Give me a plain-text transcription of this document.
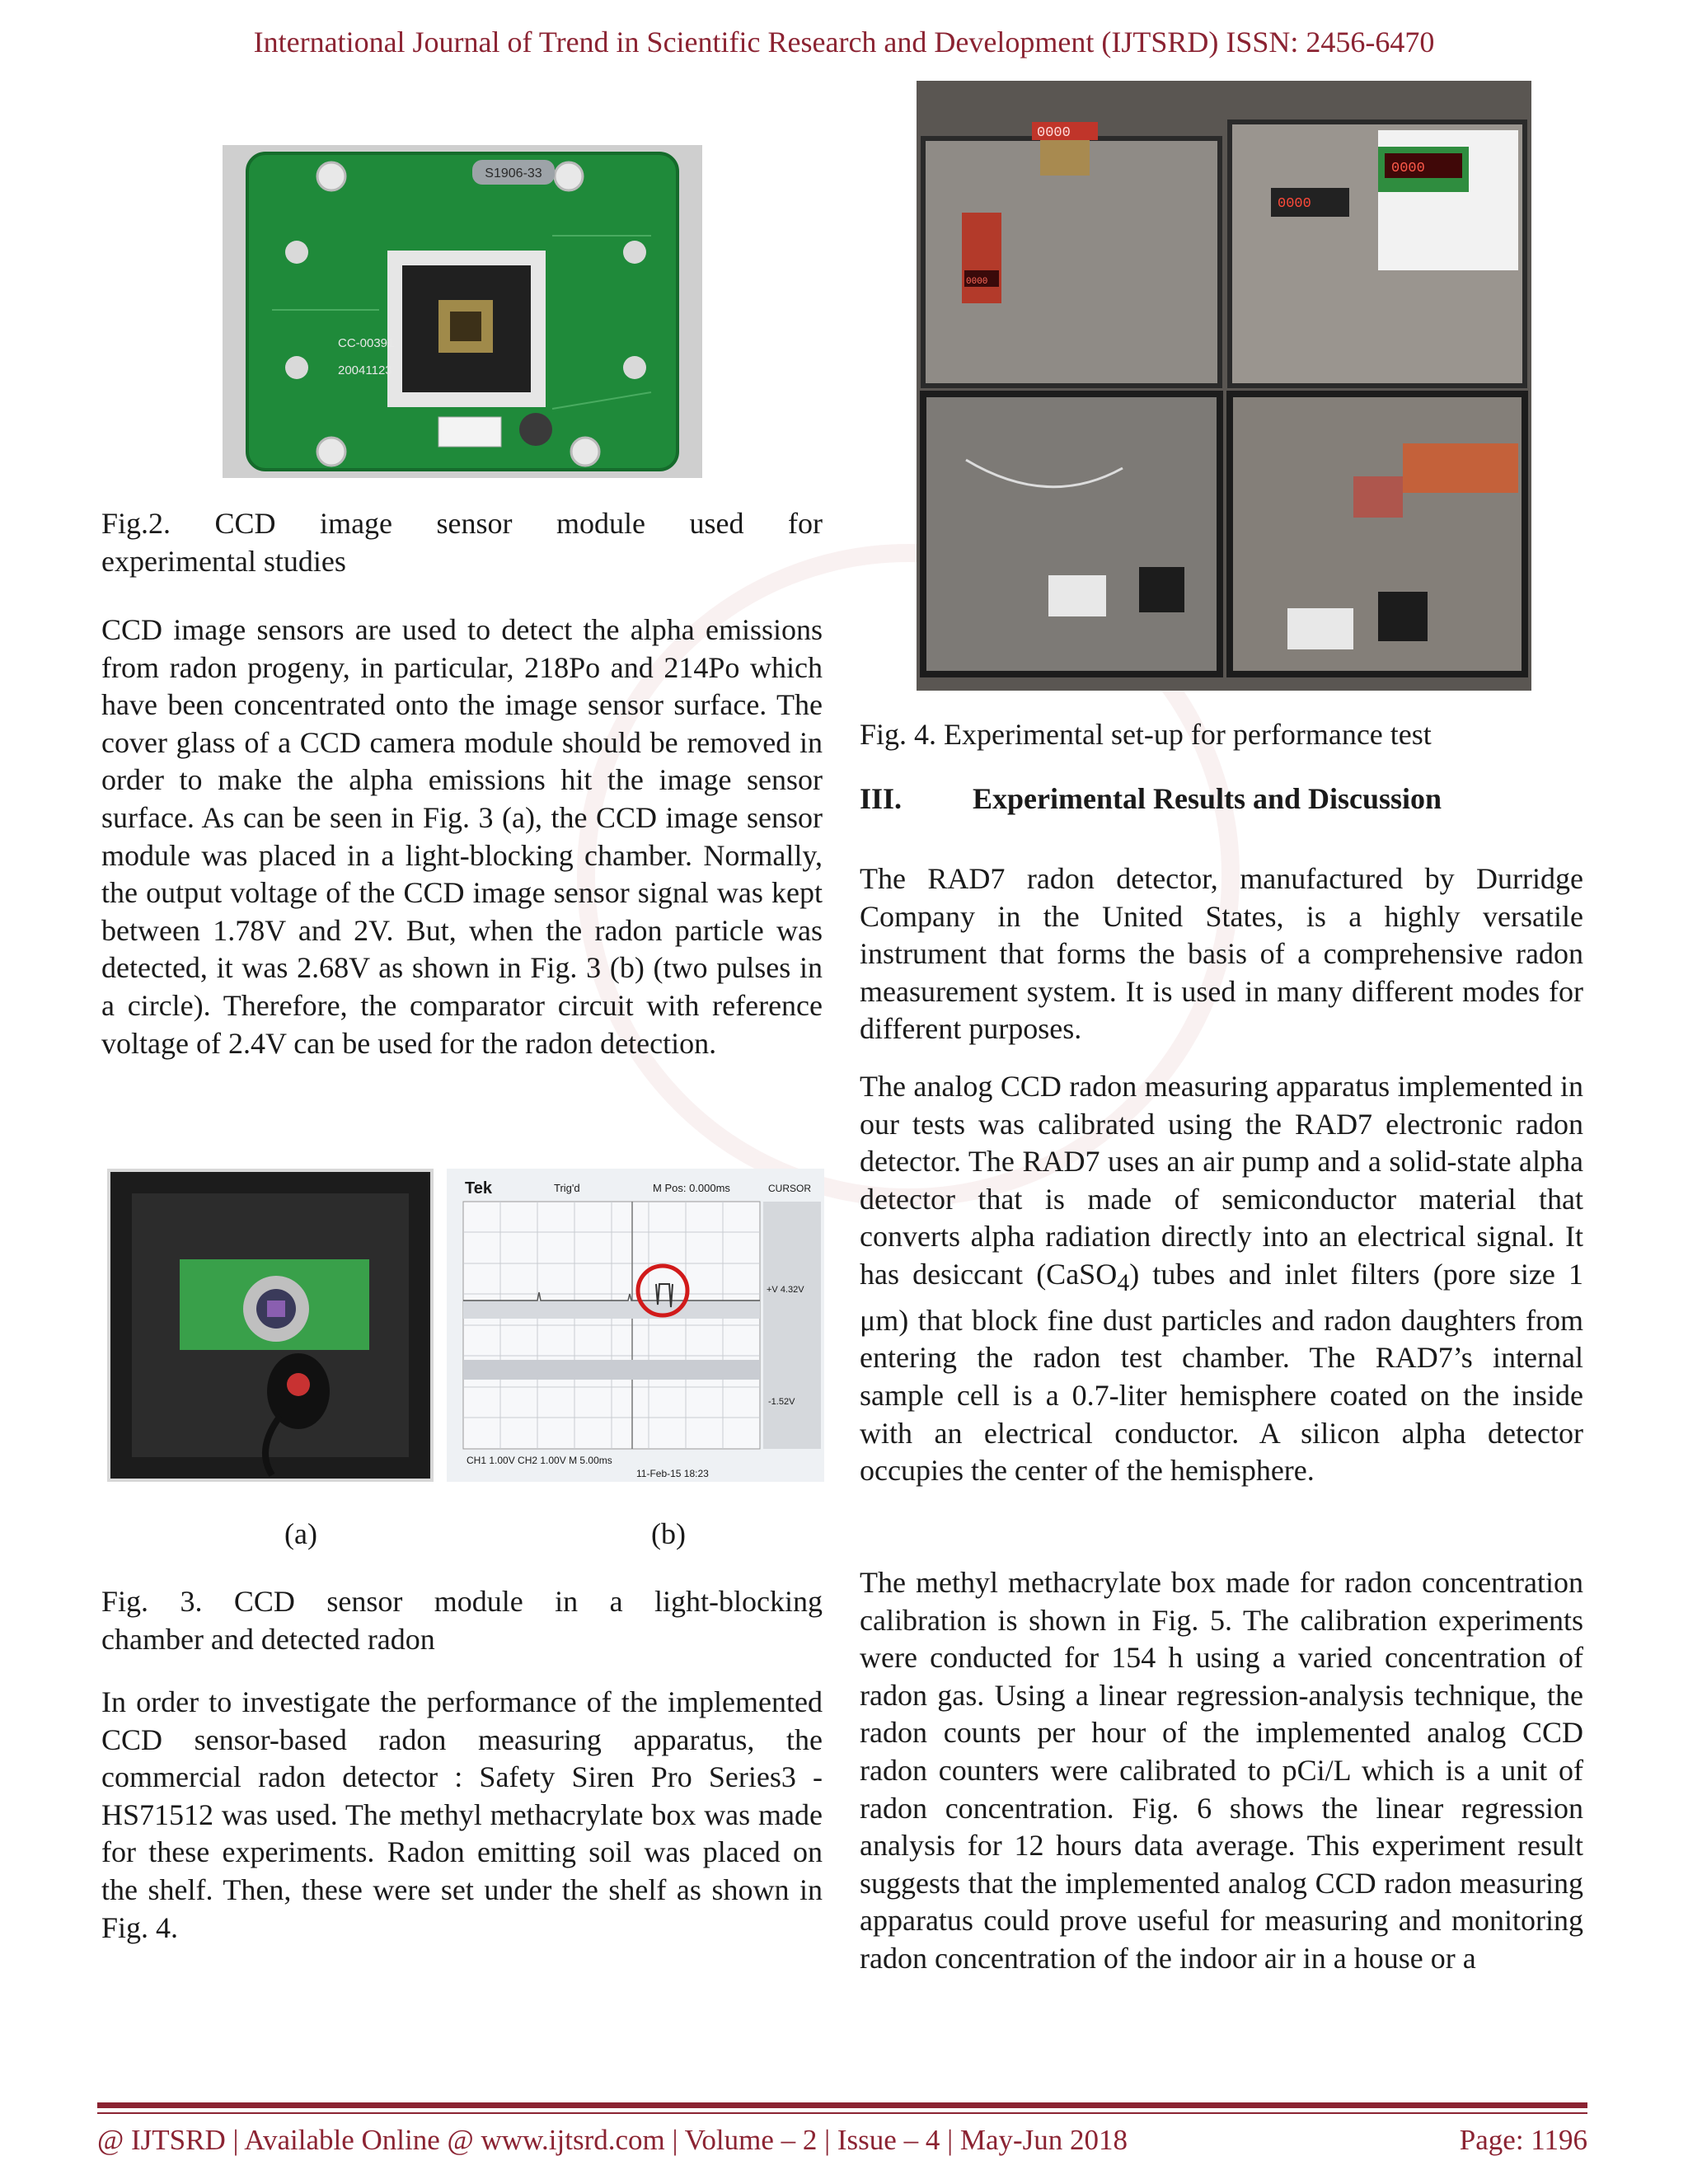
International Journal of Trend in Scientific Research and Development (IJTSRD) ISSN: 2456-6470
S1906-33
CC-00391
20041123

Fig.2. CCD image sensor module used for

experimental studies

CCD image sensors are used to detect the alpha emissions from radon progeny, in particular, 218Po and 214Po which have been concentrated onto the image sensor surface. The cover glass of a CCD camera module should be removed in order to make the alpha emissions hit the image sensor surface. As can be seen in Fig. 3 (a), the CCD image sensor module was placed in a light-blocking chamber. Normally, the output voltage of the CCD image sensor signal was kept between 1.78V and 2V. But, when the radon particle was detected, it was 2.68V as shown in Fig. 3 (b) (two pulses in a circle). Therefore, the comparator circuit with reference voltage of 2.4V can be used for the radon detection.

Tek	Trig'd	M Pos: 0.000ms	CURSOR
+V 4.32V
-1.52V
CH1 1.00V CH2 1.00V M 5.00ms
11-Feb-15 18:23
(a)	(b)

Fig. 3. CCD sensor module in a light-blocking

chamber and detected radon

In order to investigate the performance of the implemented CCD sensor-based radon measuring apparatus, the commercial radon detector : Safety Siren Pro Series3 - HS71512 was used. The methyl methacrylate box was made for these experiments. Radon emitting soil was placed on the shelf. Then, these were set under the shelf as shown in Fig. 4.

0000
0000
0000
0000
Fig. 4. Experimental set-up for performance test
III. Experimental Results and Discussion

The RAD7 radon detector, manufactured by Durridge Company in the United States, is a highly versatile instrument that forms the basis of a comprehensive radon measurement system. It is used in many different modes for different purposes.

The analog CCD radon measuring apparatus implemented in our tests was calibrated using the RAD7 electronic radon detector. The RAD7 uses an air pump and a solid-state alpha detector that is made of semiconductor material that converts alpha radiation directly into an electrical signal. It has desiccant (CaSO$_4$) tubes and inlet filters (pore size 1 μm) that block fine dust particles and radon daughters from entering the radon test chamber. The RAD7’s internal sample cell is a 0.7-liter hemisphere coated on the inside with an electrical conductor. A silicon alpha detector occupies the center of the hemisphere.

The methyl methacrylate box made for radon concentration calibration is shown in Fig. 5. The calibration experiments were conducted for 154 h using a varied concentration of radon gas. Using a linear regression-analysis technique, the radon counts per hour of the implemented analog CCD radon counters were calibrated to pCi/L which is a unit of radon concentration. Fig. 6 shows the linear regression analysis for 12 hours data average. This experiment result suggests that the implemented analog CCD radon measuring apparatus could prove useful for measuring and monitoring radon concentration of the indoor air in a house or a

@ IJTSRD | Available Online @ www.ijtsrd.com | Volume – 2 | Issue – 4 | May-Jun 2018	Page: 1196
